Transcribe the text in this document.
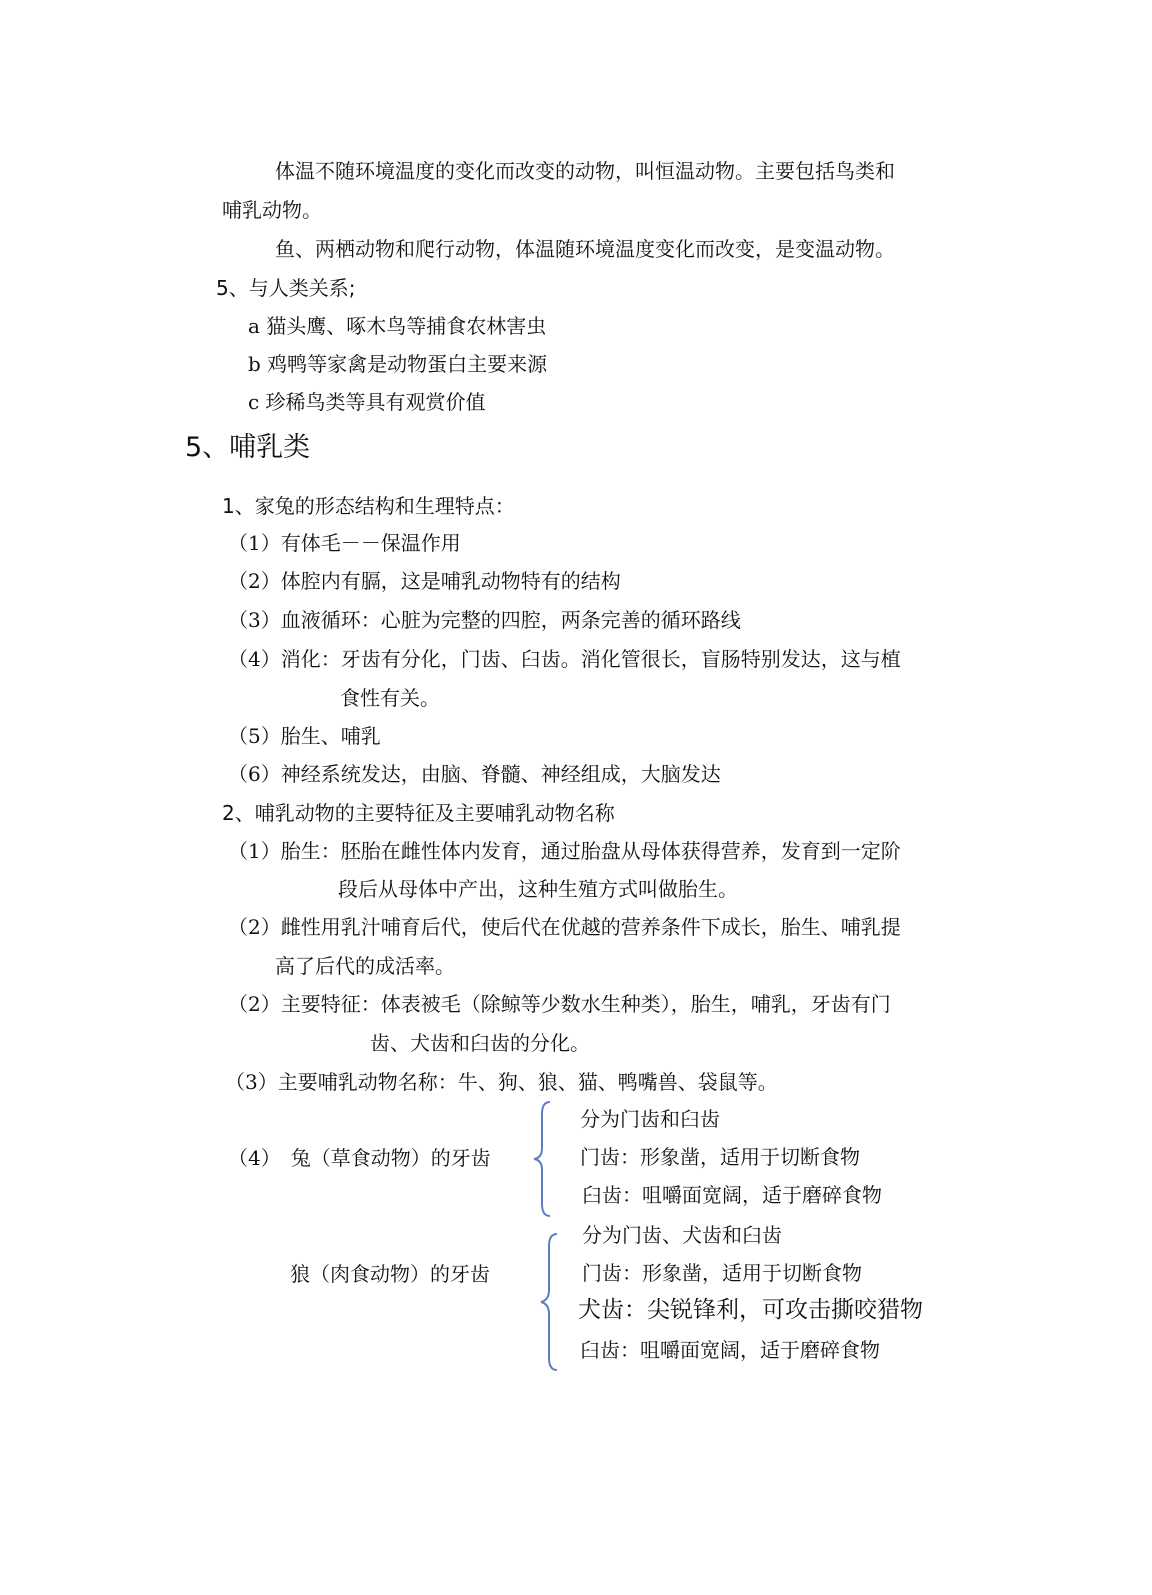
体温不随环境温度的变化而改变的动物，叫恒温动物。主要包括鸟类和
哺乳动物。
鱼、两栖动物和爬行动物，体温随环境温度变化而改变，是变温动物。
5、与人类关系;
a 猫头鹰、啄木鸟等捕食农林害虫
b 鸡鸭等家禽是动物蛋白主要来源
c 珍稀鸟类等具有观赏价值
5、哺乳类
1、家兔的形态结构和生理特点：
（1）有体毛－－保温作用
（2）体腔内有膈，这是哺乳动物特有的结构
（3）血液循环：心脏为完整的四腔，两条完善的循环路线
（4）消化：牙齿有分化，门齿、臼齿。消化管很长，盲肠特别发达，这与植
食性有关。
（5）胎生、哺乳
（6）神经系统发达，由脑、脊髓、神经组成，大脑发达
2、哺乳动物的主要特征及主要哺乳动物名称
（1）胎生：胚胎在雌性体内发育，通过胎盘从母体获得营养，发育到一定阶
段后从母体中产出，这种生殖方式叫做胎生。
（2）雌性用乳汁哺育后代，使后代在优越的营养条件下成长，胎生、哺乳提
高了后代的成活率。
（2）主要特征：体表被毛（除鲸等少数水生种类），胎生，哺乳，牙齿有门
齿、犬齿和臼齿的分化。
（3）主要哺乳动物名称：牛、狗、狼、猫、鸭嘴兽、袋鼠等。
（4）　兔（草食动物）的牙齿
分为门齿和臼齿
门齿：形象凿，适用于切断食物
臼齿：咀嚼面宽阔，适于磨碎食物
狼（肉食动物）的牙齿
分为门齿、犬齿和臼齿
门齿：形象凿，适用于切断食物
犬齿：尖锐锋利，可攻击撕咬猎物
臼齿：咀嚼面宽阔，适于磨碎食物
